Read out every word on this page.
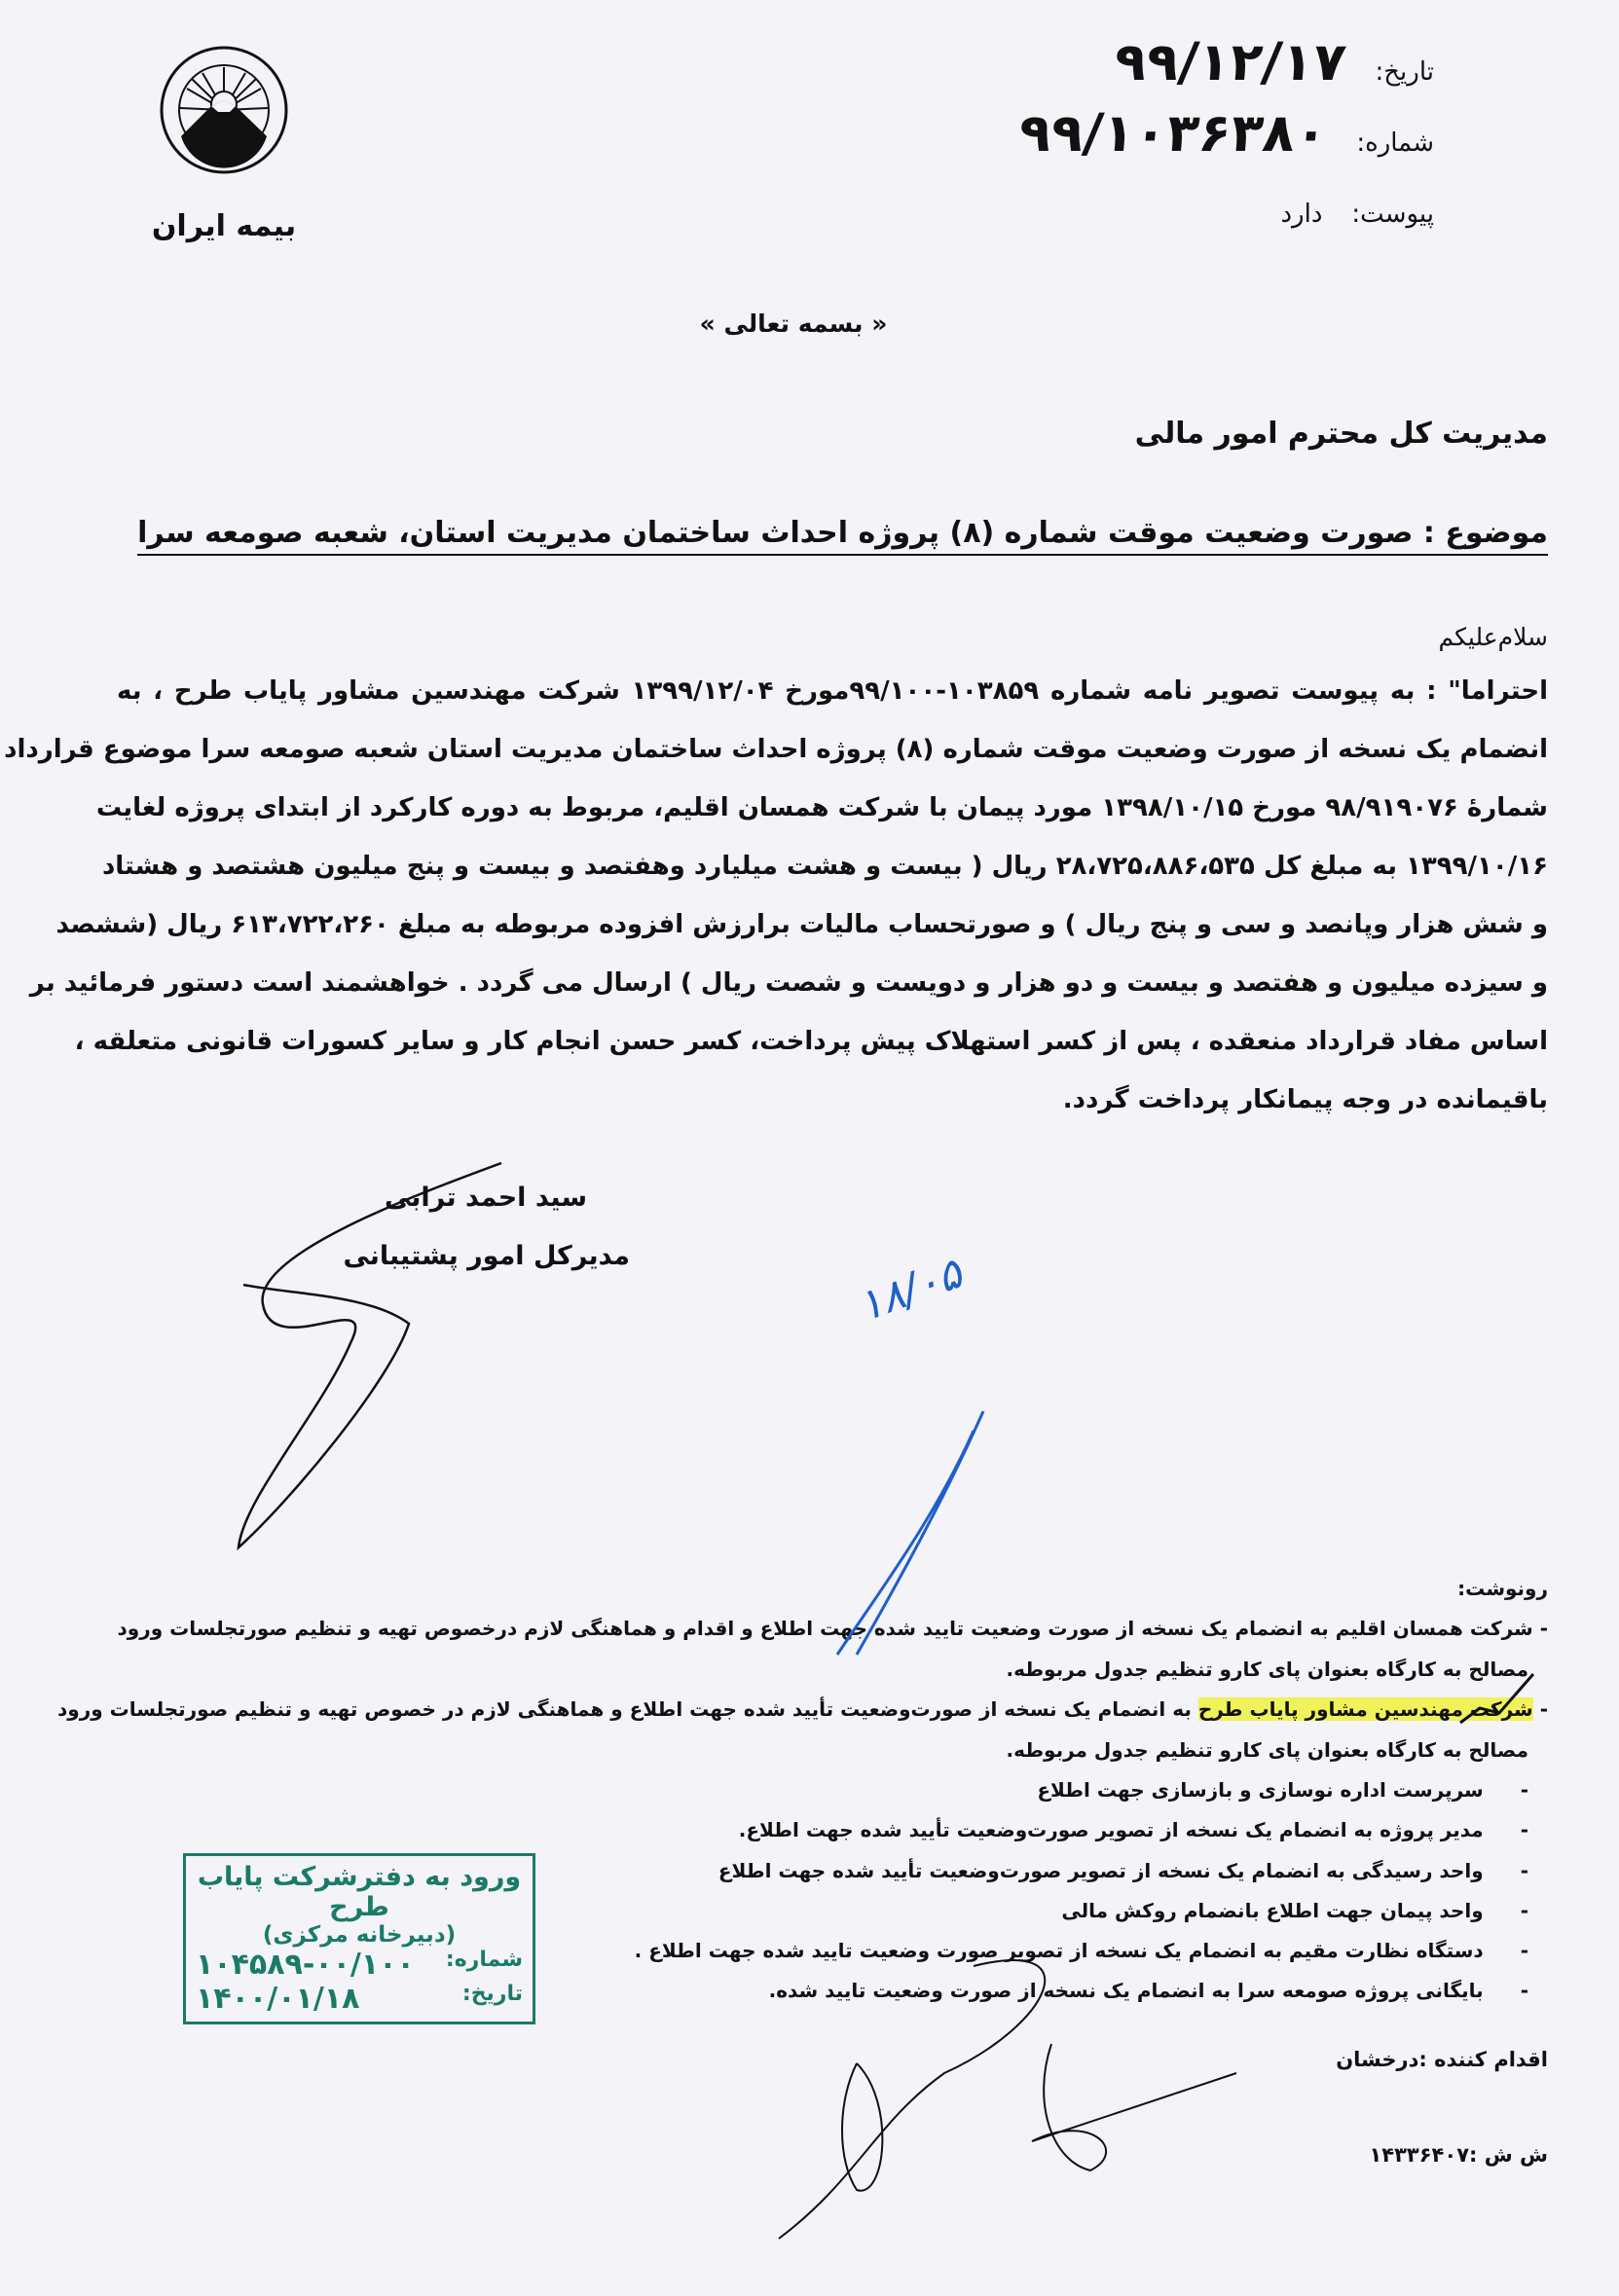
۱۳۱۴
بیمه ایران
تاریخ:
۹۹/۱۲/۱۷
شماره:
۹۹/۱۰۳۶۳۸۰
پیوست:
دارد
« بسمه تعالی »
مدیریت کل محترم امور مالی
موضوع : صورت وضعیت موقت شماره (۸) پروژه احداث ساختمان مدیریت استان، شعبه صومعه سرا
سلام‌علیکم
احتراما" : به پیوست تصویر نامه شماره ۱۰۳۸۵۹-۹۹/۱۰۰مورخ ۱۳۹۹/۱۲/۰۴ شرکت مهندسین مشاور پایاب طرح ، به
انضمام یک نسخه از صورت وضعیت موقت شماره (۸) پروژه احداث ساختمان مدیریت استان شعبه صومعه سرا موضوع قرارداد
شمارهٔ ۹۸/۹۱۹۰۷۶ مورخ ۱۳۹۸/۱۰/۱۵ مورد پیمان با شرکت همسان اقلیم، مربوط به دوره کارکرد از ابتدای پروژه لغایت
۱۳۹۹/۱۰/۱۶ به مبلغ کل ۲۸،۷۲۵،۸۸۶،۵۳۵ ریال ( بیست و هشت میلیارد وهفتصد و بیست و پنج میلیون هشتصد و هشتاد
و شش هزار وپانصد و سی و پنج ریال ) و صورتحساب مالیات برارزش افزوده مربوطه به مبلغ ۶۱۳،۷۲۲،۲۶۰ ریال (ششصد
و سیزده میلیون و هفتصد و بیست و دو هزار و دویست و شصت ریال ) ارسال می گردد . خواهشمند است دستور فرمائید بر
اساس مفاد قرارداد منعقده ، پس از کسر استهلاک پیش پرداخت، کسر حسن انجام کار و سایر کسورات قانونی متعلقه ،
باقیمانده در وجه پیمانکار پرداخت گردد.
سید احمد ترابی
مدیرکل امور پشتیبانی	۱۸/۰۵
رونوشت:
- شرکت همسان اقلیم به انضمام یک نسخه از صورت وضعیت تایید شده جهت اطلاع و اقدام و هماهنگی لازم درخصوص تهیه و تنظیم صورتجلسات ورود
مصالح به کارگاه بعنوان پای کارو تنظیم جدول مربوطه.
- شرکت مهندسین مشاور پایاب طرح به انضمام یک نسخه از صورت‌وضعیت تأیید شده جهت اطلاع و هماهنگی لازم در خصوص تهیه و تنظیم صورتجلسات ورود
مصالح به کارگاه بعنوان پای کارو تنظیم جدول مربوطه.
-سرپرست اداره نوسازی و بازسازی جهت اطلاع
-مدیر پروژه به انضمام یک نسخه از تصویر صورت‌وضعیت تأیید شده جهت اطلاع.
-واحد رسیدگی به انضمام یک نسخه از تصویر صورت‌وضعیت تأیید شده جهت اطلاع
-واحد پیمان جهت اطلاع بانضمام روکش مالی
-دستگاه نظارت مقیم به انضمام یک نسخه از تصویر صورت وضعیت تایید شده جهت اطلاع .
-بایگانی پروژه صومعه سرا به انضمام یک نسخه از صورت وضعیت تایید شده.
ورود به دفترشرکت پایاب طرح
(دبیرخانه مرکزی)
شماره:
۱۰۴۵۸۹-۰۰/۱۰۰
تاریخ:
۱۴۰۰/۰۱/۱۸
اقدام کننده :درخشان
ش ش :۱۴۳۳۶۴۰۷
